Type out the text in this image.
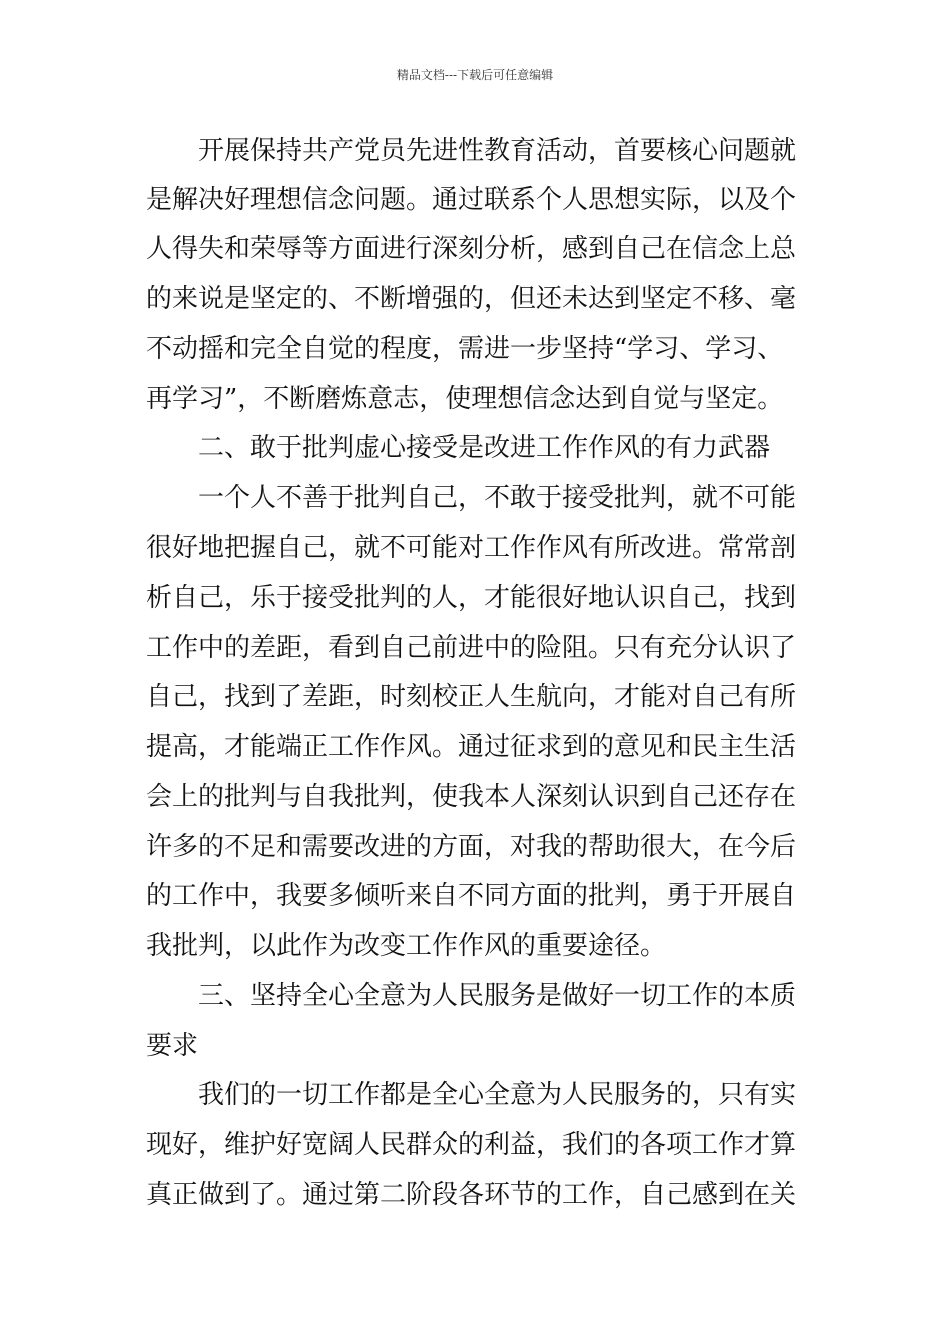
精品文档---下载后可任意编辑
开展保持共产党员先进性教育活动，首要核心问题就
是解决好理想信念问题。通过联系个人思想实际，以及个
人得失和荣辱等方面进行深刻分析，感到自己在信念上总
的来说是坚定的、不断增强的，但还未达到坚定不移、毫
不动摇和完全自觉的程度，需进一步坚持“学习、学习、
再学习”，不断磨炼意志，使理想信念达到自觉与坚定。
二、敢于批判虚心接受是改进工作作风的有力武器
一个人不善于批判自己，不敢于接受批判，就不可能
很好地把握自己，就不可能对工作作风有所改进。常常剖
析自己，乐于接受批判的人，才能很好地认识自己，找到
工作中的差距，看到自己前进中的险阻。只有充分认识了
自己，找到了差距，时刻校正人生航向，才能对自己有所
提高，才能端正工作作风。通过征求到的意见和民主生活
会上的批判与自我批判，使我本人深刻认识到自己还存在
许多的不足和需要改进的方面，对我的帮助很大，在今后
的工作中，我要多倾听来自不同方面的批判，勇于开展自
我批判，以此作为改变工作作风的重要途径。
三、坚持全心全意为人民服务是做好一切工作的本质
要求
我们的一切工作都是全心全意为人民服务的，只有实
现好，维护好宽阔人民群众的利益，我们的各项工作才算
真正做到了。通过第二阶段各环节的工作，自己感到在关
